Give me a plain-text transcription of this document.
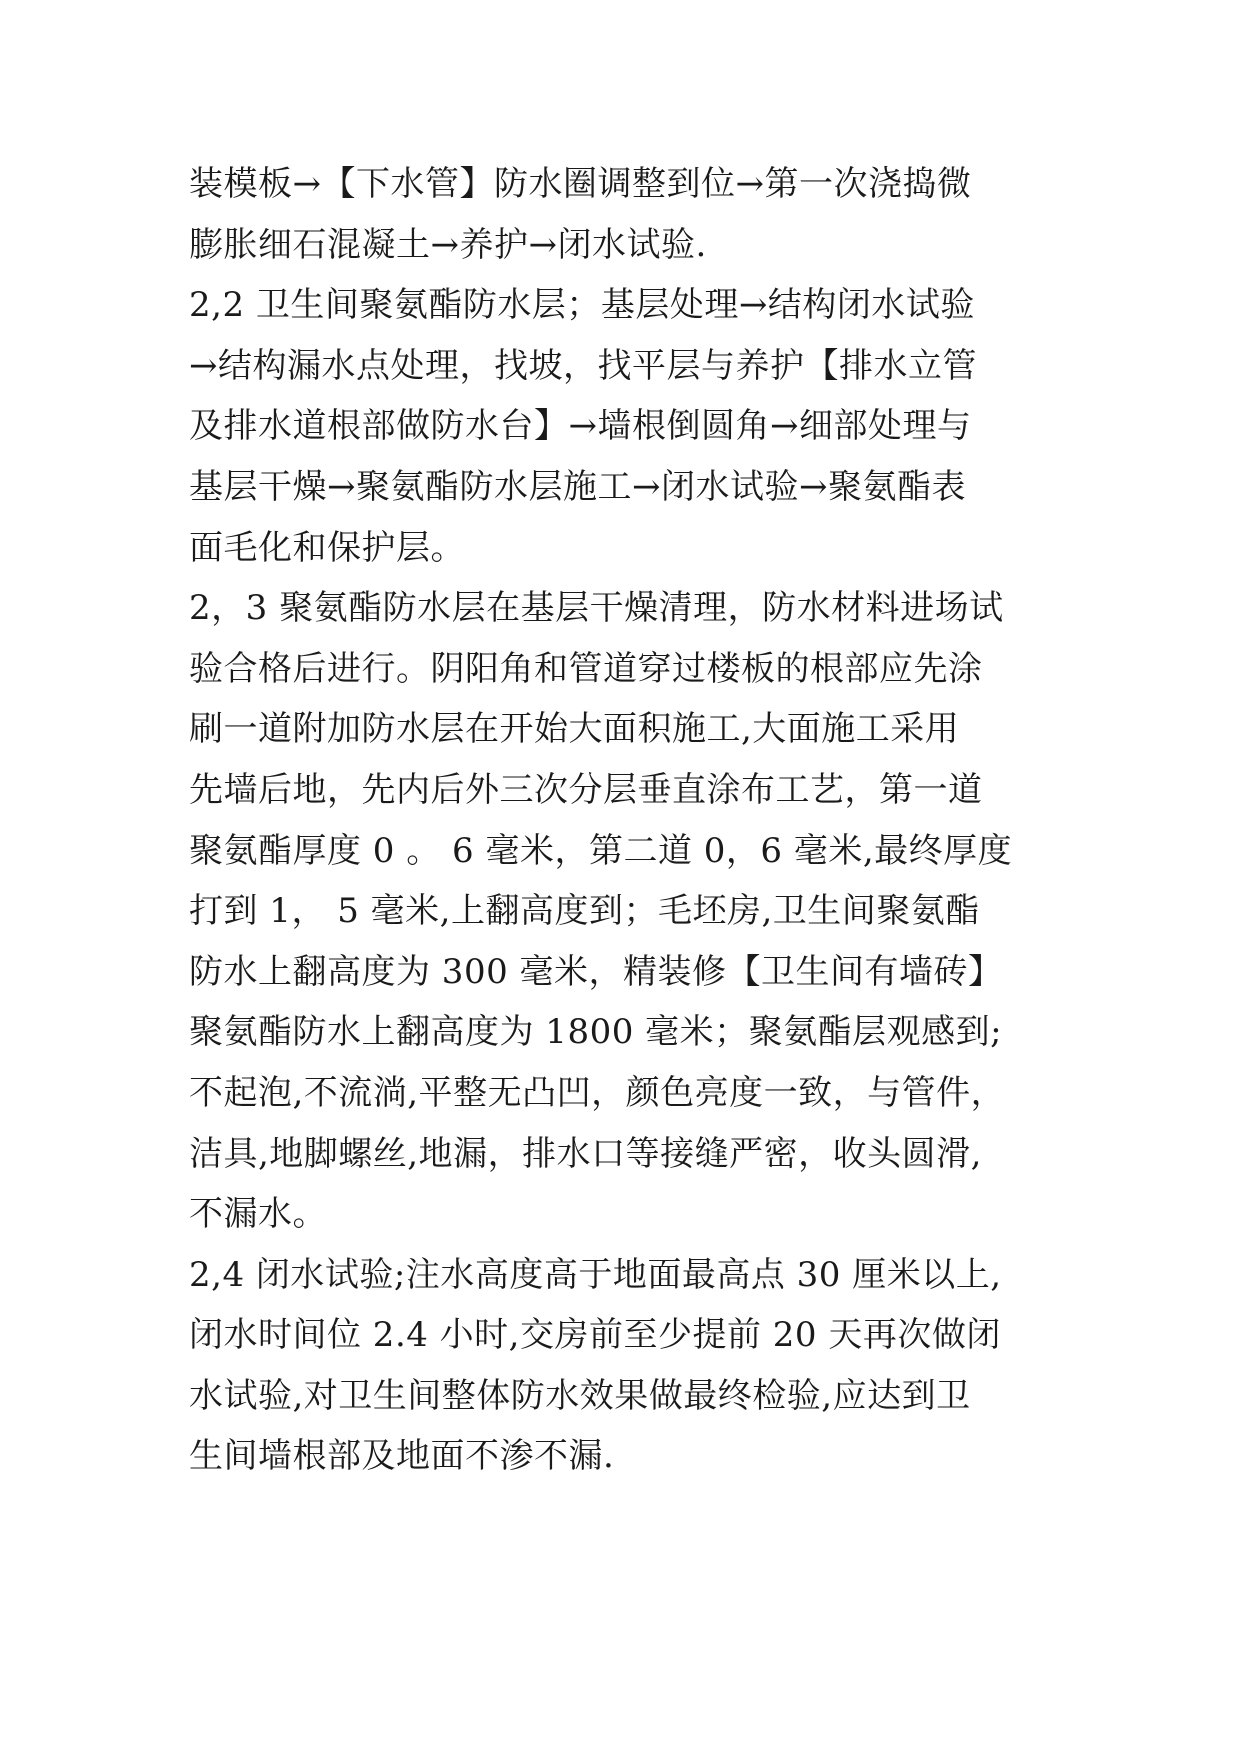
装模板→【下水管】防水圈调整到位→第一次浇捣微
膨胀细石混凝土→养护→闭水试验.
2,2 卫生间聚氨酯防水层；基层处理→结构闭水试验
→结构漏水点处理，找坡，找平层与养护【排水立管
及排水道根部做防水台】→墙根倒圆角→细部处理与
基层干燥→聚氨酯防水层施工→闭水试验→聚氨酯表
面毛化和保护层。
2，3 聚氨酯防水层在基层干燥清理，防水材料进场试
验合格后进行。阴阳角和管道穿过楼板的根部应先涂
刷一道附加防水层在开始大面积施工,大面施工采用
先墙后地，先内后外三次分层垂直涂布工艺，第一道
聚氨酯厚度 0 。 6 毫米，第二道 0，6 毫米,最终厚度
打到 1， 5 毫米,上翻高度到；毛坯房,卫生间聚氨酯
防水上翻高度为 300 毫米，精装修【卫生间有墙砖】
聚氨酯防水上翻高度为 1800 毫米；聚氨酯层观感到;
不起泡,不流淌,平整无凸凹，颜色亮度一致，与管件，
洁具,地脚螺丝,地漏，排水口等接缝严密，收头圆滑,
不漏水。
2,4 闭水试验;注水高度高于地面最高点 30 厘米以上,
闭水时间位 2.4 小时,交房前至少提前 20 天再次做闭
水试验,对卫生间整体防水效果做最终检验,应达到卫
生间墙根部及地面不渗不漏.
